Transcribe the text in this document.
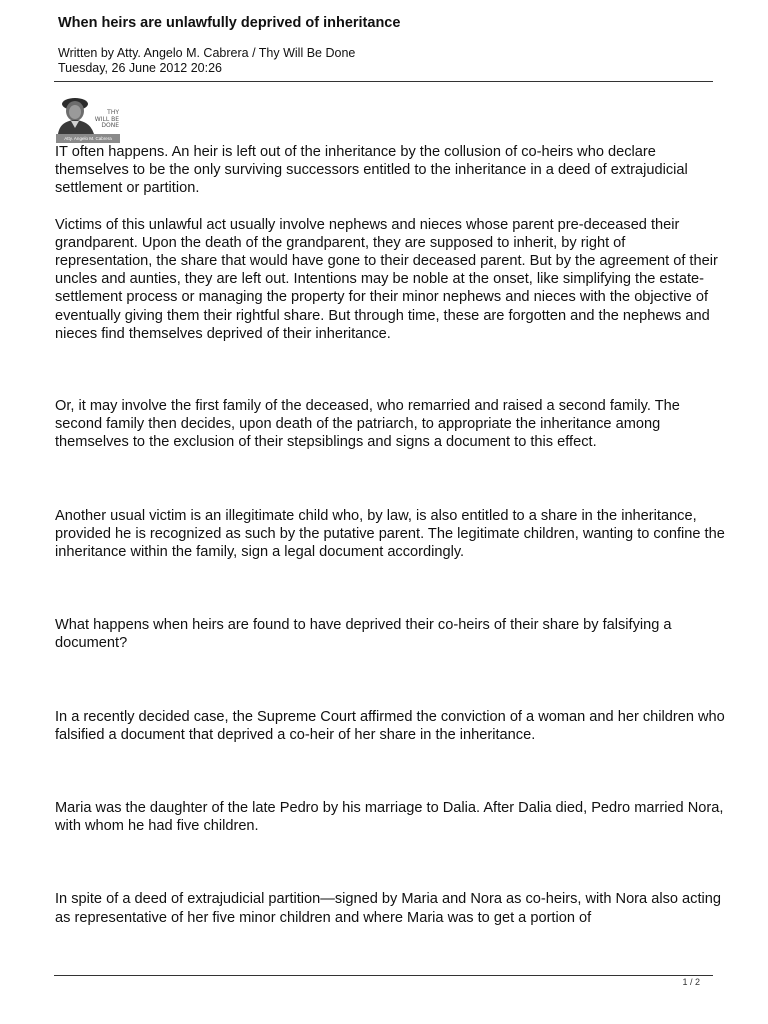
When heirs are unlawfully deprived of inheritance
Written by Atty. Angelo M. Cabrera / Thy Will Be Done
Tuesday, 26 June 2012 20:26
THY
WILL BE
DONE
Atty. Angelo M. Cabrera

IT often happens. An heir is left out of the inheritance by the collusion of co-heirs who declare themselves to be the only surviving successors entitled to the inheritance in a deed of extrajudicial settlement or partition.

Victims of this unlawful act usually involve nephews and nieces whose parent pre-deceased their grandparent. Upon the death of the grandparent, they are supposed to inherit, by right of representation, the share that would have gone to their deceased parent. But by the agreement of their uncles and aunties, they are left out. Intentions may be noble at the onset, like simplifying the estate-settlement process or managing the property for their minor nephews and nieces with the objective of eventually giving them their rightful share. But through time, these are forgotten and the nephews and nieces find themselves deprived of their inheritance.

Or, it may involve the first family of the deceased, who remarried and raised a second family. The second family then decides, upon death of the patriarch, to appropriate the inheritance among themselves to the exclusion of their stepsiblings and signs a document to this effect.

Another usual victim is an illegitimate child who, by law, is also entitled to a share in the inheritance, provided he is recognized as such by the putative parent. The legitimate children, wanting to confine the inheritance within the family, sign a legal document accordingly.

What happens when heirs are found to have deprived their co-heirs of their share by falsifying a document?

In a recently decided case, the Supreme Court affirmed the conviction of a woman and her children who falsified a document that deprived a co-heir of her share in the inheritance.

Maria was the daughter of the late Pedro by his marriage to Dalia. After Dalia died, Pedro married Nora, with whom he had five children.

In spite of a deed of extrajudicial partition—signed by Maria and Nora as co-heirs, with Nora also acting as representative of her five minor children and where Maria was to get a portion of

1 / 2
